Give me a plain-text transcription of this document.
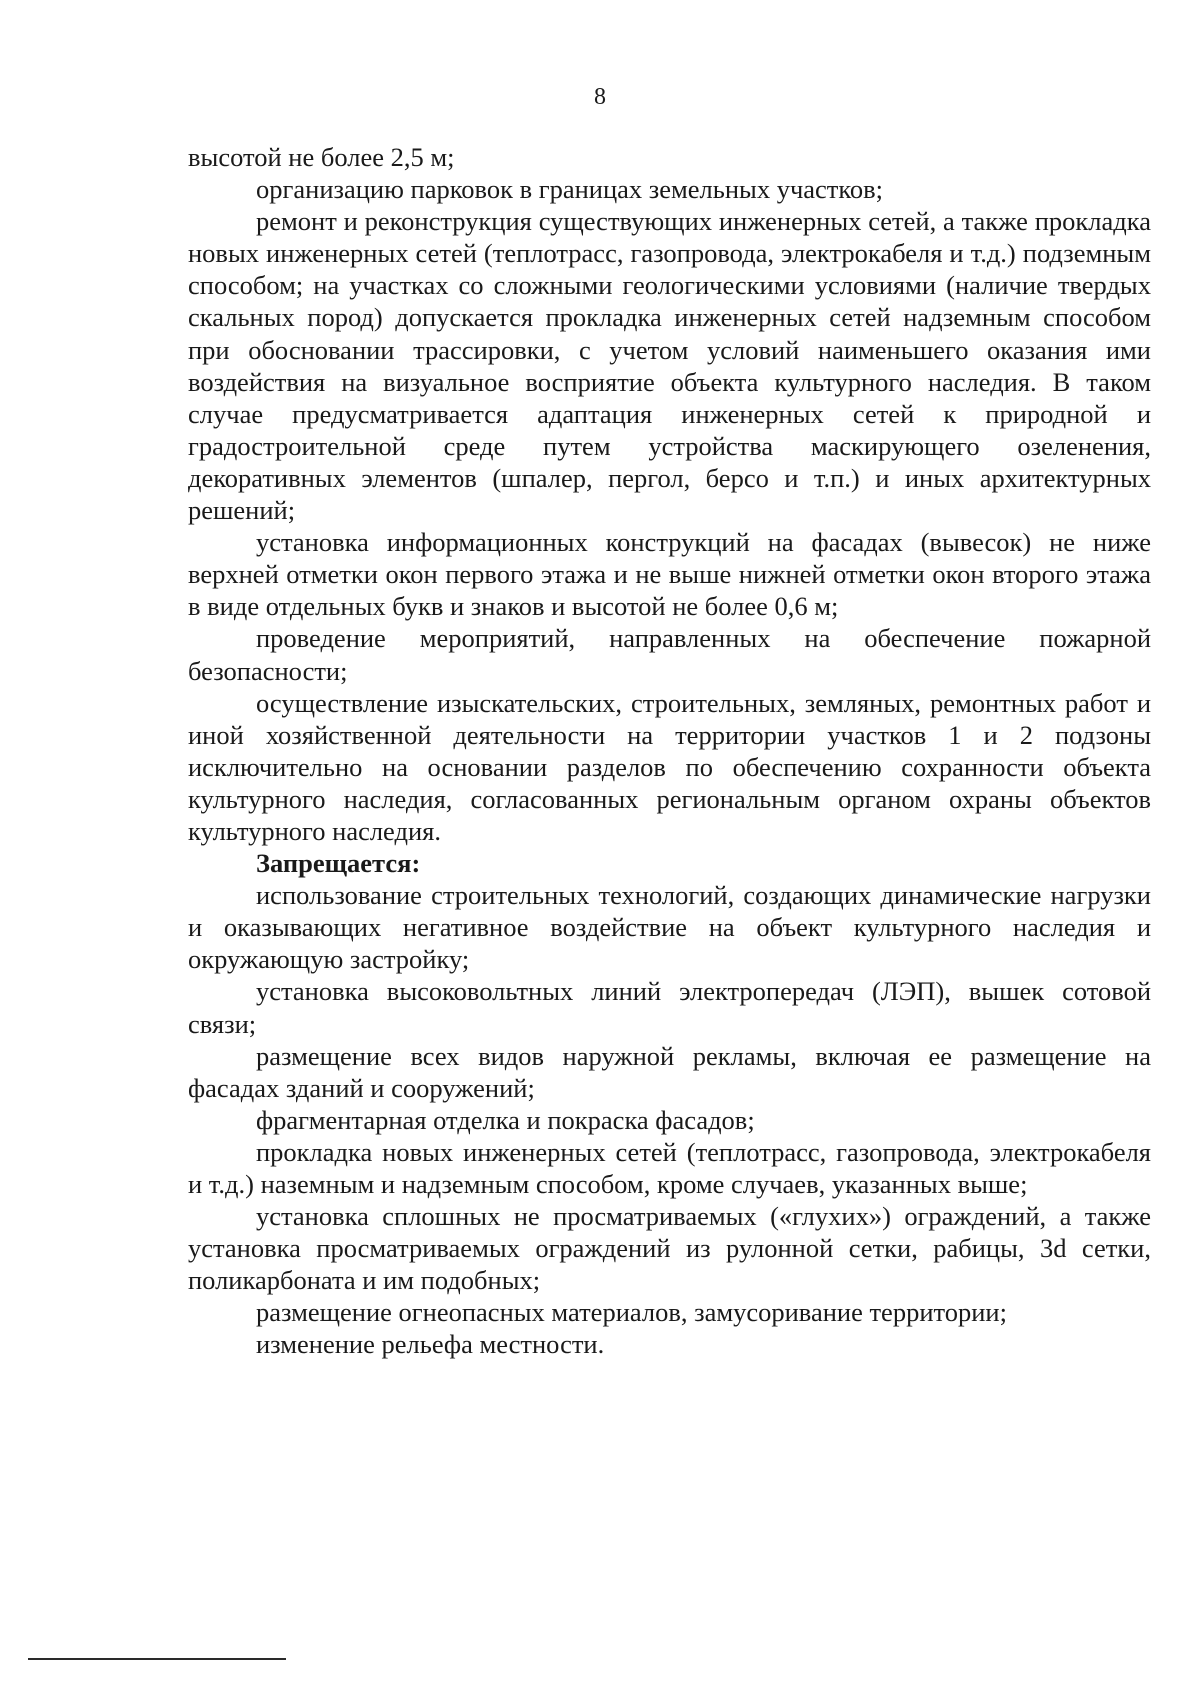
8

высотой не более 2,5 м;

организацию парковок в границах земельных участков;

ремонт и реконструкция существующих инженерных сетей, а также прокладка новых инженерных сетей (теплотрасс, газопровода, электрокабеля и т.д.) подземным способом; на участках со сложными геологическими условиями (наличие твердых скальных пород) допускается прокладка инженерных сетей надземным способом при обосновании трассировки, с учетом условий наименьшего оказания ими воздействия на визуальное восприятие объекта культурного наследия. В таком случае предусматривается адаптация инженерных сетей к природной и градостроительной среде путем устройства маскирующего озеленения, декоративных элементов (шпалер, пергол, берсо и т.п.) и иных архитектурных решений;

установка информационных конструкций на фасадах (вывесок) не ниже верхней отметки окон первого этажа и не выше нижней отметки окон второго этажа в виде отдельных букв и знаков и высотой не более 0,6 м;

проведение мероприятий, направленных на обеспечение пожарной безопасности;

осуществление изыскательских, строительных, земляных, ремонтных работ и иной хозяйственной деятельности на территории участков 1 и 2 подзоны исключительно на основании разделов по обеспечению сохранности объекта культурного наследия, согласованных региональным органом охраны объектов культурного наследия.

Запрещается:

использование строительных технологий, создающих динамические нагрузки и оказывающих негативное воздействие на объект культурного наследия и окружающую застройку;

установка высоковольтных линий электропередач (ЛЭП), вышек сотовой связи;

размещение всех видов наружной рекламы, включая ее размещение на фасадах зданий и сооружений;

фрагментарная отделка и покраска фасадов;

прокладка новых инженерных сетей (теплотрасс, газопровода, электрокабеля и т.д.) наземным и надземным способом, кроме случаев, указанных выше;

установка сплошных не просматриваемых («глухих») ограждений, а также установка просматриваемых ограждений из рулонной сетки, рабицы, 3d сетки, поликарбоната и им подобных;

размещение огнеопасных материалов, замусоривание территории;

изменение рельефа местности.
